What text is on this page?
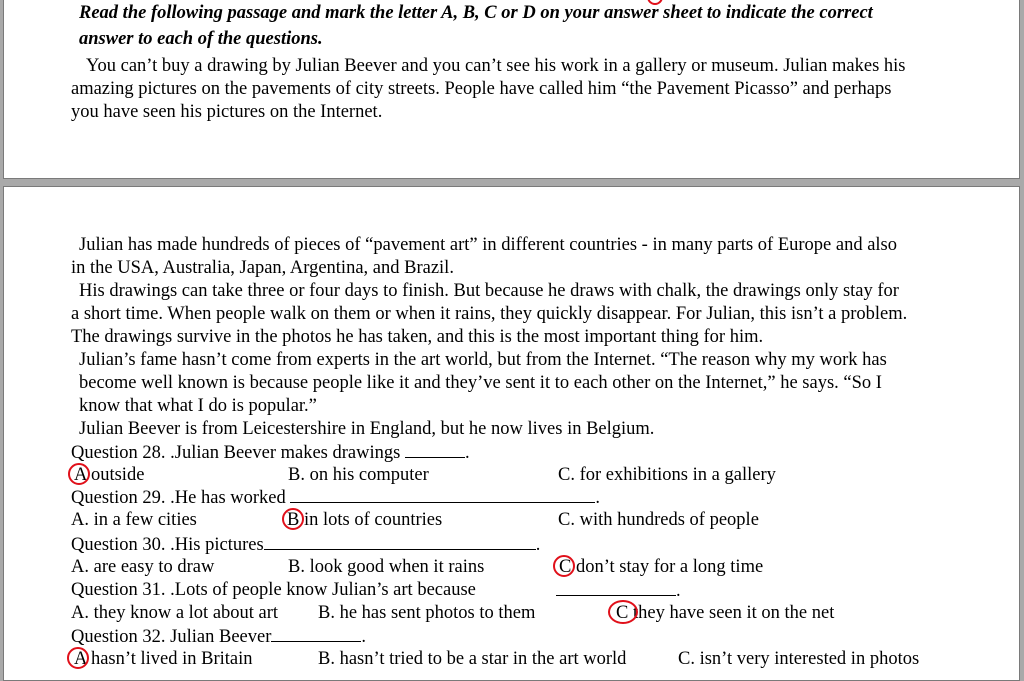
Read the following passage and mark the letter A, B, C or D on your answer sheet to indicate the correct
answer to each of the questions.
You can’t buy a drawing by Julian Beever and you can’t see his work in a gallery or museum. Julian makes his
amazing pictures on the pavements of city streets. People have called him “the Pavement Picasso” and perhaps
you have seen his pictures on the Internet.
Julian has made hundreds of pieces of “pavement art” in different countries - in many parts of Europe and also
in the USA, Australia, Japan, Argentina, and Brazil.
His drawings can take three or four days to finish. But because he draws with chalk, the drawings only stay for
a short time. When people walk on them or when it rains, they quickly disappear. For Julian, this isn’t a problem.
The drawings survive in the photos he has taken, and this is the most important thing for him.
Julian’s fame hasn’t come from experts in the art world, but from the Internet. “The reason why my work has
become well known is because people like it and they’ve sent it to each other on the Internet,” he says. “So I
know that what I do is popular.”
Julian Beever is from Leicestershire in England, but he now lives in Belgium.
Question 28. .Julian Beever makes drawings	.
A outside	B. on his computer	C. for exhibitions in a gallery
Question 29. .He has worked	.
A. in a few cities	B in lots of countries	C. with hundreds of people
Question 30. .His pictures	.
A. are easy to draw	B. look good when it rains	C don’t stay for a long time
Question 31. .Lots of people know Julian’s art because	.
A. they know a lot about art B. he has sent photos to them	C they have seen it on the net
Question 32. Julian Beever	.
A hasn’t lived in Britain	B. hasn’t tried to be a star in the art world	C. isn’t very interested in photos
